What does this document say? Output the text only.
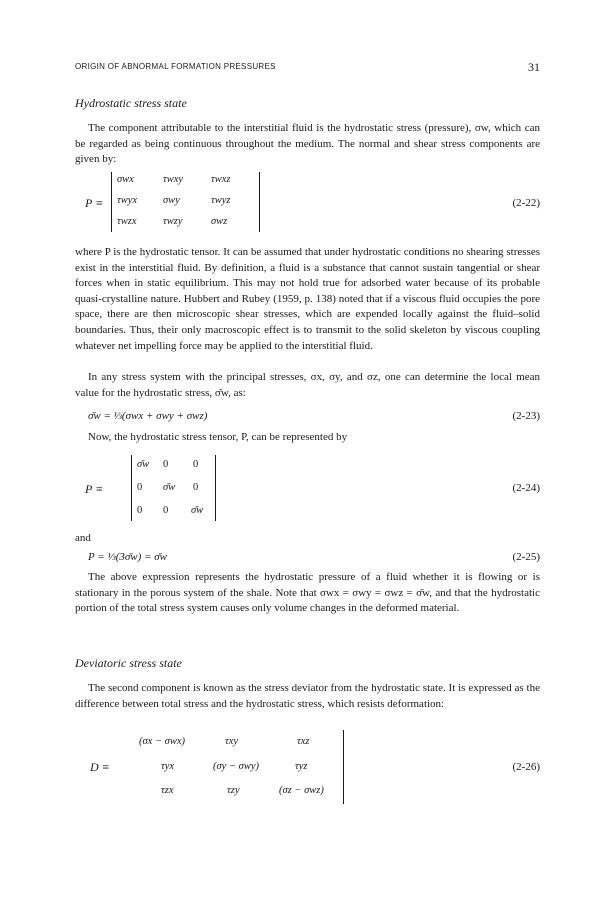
ORIGIN OF ABNORMAL FORMATION PRESSURES	31
Hydrostatic stress state

The component attributable to the interstitial fluid is the hydrostatic stress (pressure), σw, which can be regarded as being continuous throughout the medium. The normal and shear stress components are given by:

P ≡
σwx	τwxy	τwxz
τwyx σwy	τwyz
τwzx	τwzy	σwz
(2-22)

where P is the hydrostatic tensor. It can be assumed that under hydrostatic conditions no shearing stresses exist in the interstitial fluid. By definition, a fluid is a substance that cannot sustain tangential or shear forces when in static equilibrium. This may not hold true for adsorbed water because of its probable quasi-crystalline nature. Hubbert and Rubey (1959, p. 138) noted that if a viscous fluid occupies the pore space, there are then microscopic shear stresses, which are expended locally against the fluid–solid boundaries. Thus, their only macroscopic effect is to transmit to the solid skeleton by viscous coupling whatever net impelling force may be applied to the interstitial fluid.

In any stress system with the principal stresses, σx, σy, and σz, one can determine the local mean value for the hydrostatic stress, σ̄w, as:

σ̄w = ⅓(σwx + σwy + σwz)	(2-23)

Now, the hydrostatic stress tensor, P, can be represented by

P ≡
σ̄w 0 0
0 σ̄w 0
0 0 σ̄w
(2-24)
and
P = ⅓(3σ̄w) = σ̄w	(2-25)

The above expression represents the hydrostatic pressure of a fluid whether it is flowing or is stationary in the porous system of the shale. Note that σwx = σwy = σwz = σ̄w, and that the hydrostatic portion of the total stress system causes only volume changes in the deformed material.

Deviatoric stress state

The second component is known as the stress deviator from the hydrostatic state. It is expressed as the difference between total stress and the hydrostatic stress, which resists deformation:

D ≡
(σx − σwx)	τxy	τxz
τyx	(σy − σwy)	τyz
τzx	τzy	(σz − σwz)
(2-26)
